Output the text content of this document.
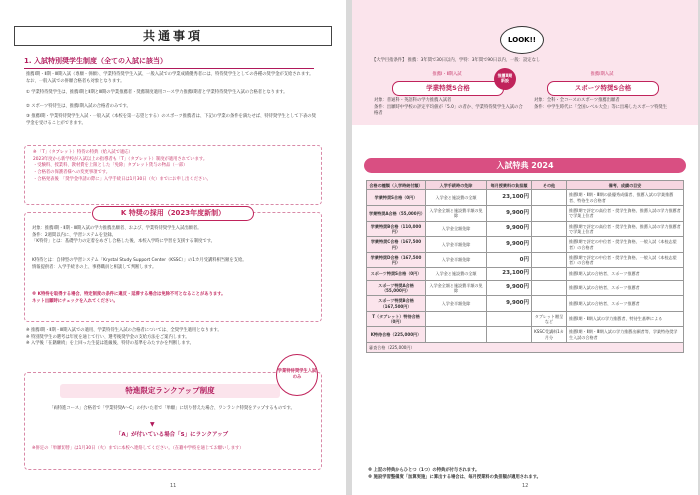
共通事項
1. 入試特別奨学生制度（全ての入試に該当）
推薦Ⅰ期・Ⅱ期・Ⅲ期入試（専願・併願）、学業特待奨学生入試、一般入試での学業成績優秀者には、特待奨学生としての各種の奨学金が支給されます。なお、一般入試での併願合格者も対象となります。
① 学業特待奨学生は、推薦Ⅰ期とⅡ期とⅢ期の学業推薦者・奨薦制度適用コース学力推薦Ⅰ期者と学業特待奨学生入試の合格者となります。
② スポーツ特待生は、推薦Ⅰ期入試の合格者のみです。
③ 推薦Ⅰ期・学業特待奨学生入試・一般入試（本校を第一志望とする）のスポーツ推薦者は、下記の学業の条件を満たせば、特待奨学生として下表の奨学金を受けることができます。
※ 「T」（タブレット）特待の特典（給入試で適応）
2023年度から新学校が入試以上の指導者も「T」（タブレット）制度が適用されています。
・受験料、授業料、教材費を上限とした「免除」タブレット貸与の物品（一部）
・合格者の保護者様への変更事項です。
・合格発表後　「奨学金申請の際に」入学手続日は1月30日（火）までにお申し出ください。
K 特奨の採用（2023年度新制）
対象：推薦Ⅰ期・Ⅱ期・Ⅲ期入試の学力推薦出願者、および、学業特待奨学生入試出願者。
条件：2週間以内に、学習システムを登録。
「K特待」とは：基礎学力の定着をめざし合格した後、本校入学時に学習を支援する制度です。
K特待とは：自律型の学習システム「Krystal Study Support Center（KSSC）」の1カ月受講料相当額を支給。
情報提供者：入学手続きの上、事務職員と相談して判断します。
※ K特待を取得する場合、特定制度の条件に違反・延滞する場合は免除不可となることがあります。
ネット出願時にチェックを入れてください。
※ 推薦Ⅰ期・Ⅱ期・Ⅲ期入試での適用、学業特待生入試の合格者については、全奨学生適用となります。
※ 特別奨学生の選考は年度を通じて行い、選考後奨学金の支給方法をご案内します。
※ 入学後「在籍継続」を上回った生徒は進級後、特待の基準をみたすかを判断します。
特進限定ランクアップ制度
学業特待奨学生入試のみ
「両特進コース」合格者で「学業特奨A～C」の付いた者で「単願」に切り替えた場合、ワンランク特奨をアップするものです。
▼
「A」が付いている場合「S」にランクアップ
※併定の「単願切替」は1月30日（火）までに本校へ連絡してください。（在籍中学校を通じてお願いします）
11
LOOK!!
【大学目指条件】 推薦：3年間で30日以内、学特：3年間で90日以内、一般：設定なし
推薦Ⅰ・Ⅱ期入試
学業特奨S合格
推薦Ⅱ期　新設
対象：普通科・英語科の学力推薦入試者
条件：出願時中学校の評定平均値が「5.0」の者か、学業特待奨学生入試の合格者
推薦Ⅰ期入試
スポーツ特奨S合格
対象：全科・全コースのスポーツ推薦出願者
条件：中学生時代に「全国レベル大会」等に出場したスポーツ特奨生
入試特典 2024
合格の種類（入学時納付額）	入学手続時の免除	毎月授業料の負担額	その他	備考、成績の目安
学業特奨S合格（0円）	入学金と施設費の全額	23,100円		推薦Ⅰ期・Ⅱ期・Ⅲ期の最優秀成績者、推薦入試の学業推薦者、特待生の合格者
学業特奨A合格（55,000円）	入学金全額と施設費半額の免除	9,900円		推薦Ⅰ期で評定の高位者・奨学生資格、推薦入試の学力推薦者で学業上位者
学業特奨B合格（110,000円）	入学金全額免除	9,900円		推薦Ⅰ期で評定の高位者・奨学生資格、推薦入試の学力推薦者で学業上位者
学業特奨C合格（167,500円）	入学金半額免除	9,900円		推薦Ⅰ期で評定の中位者・奨学生資格、一般入試（本校志望者）の合格者
学業特奨D合格（167,500円）	入学金半額免除	0円		推薦Ⅰ期で評定の中位者・奨学生資格、一般入試（本校志望者）の合格者
スポーツ特奨S合格（0円）	入学金と施設費の全額	23,100円		推薦Ⅰ期入試の合格者、スポーツ推薦者
スポーツ特奨A合格（55,000円）	入学金全額と施設費半額の免除	9,900円		推薦Ⅰ期入試の合格者、スポーツ推薦者
スポーツ特奨B合格（167,500円）	入学金半額免除	9,900円		推薦Ⅰ期入試の合格者、スポーツ推薦者
T（タブレット）特待合格（0円）			タブレット贈呈など	推薦Ⅰ期・Ⅱ期入試の学力推薦者、特待生基準による
K特待合格（225,000円）			KSSC受講料1カ月分	推薦Ⅰ期・Ⅱ期・Ⅲ期入試の学力推薦出願者等、学業特待奨学生入試の合格者
審査合格（225,000円）				
※ 上記の特典からひとつ（1つ）の特典が付与されます。
※ 施設学習整備度「加算実施」に算出する場合は、毎月授業料の負担額が適用されます。
12
